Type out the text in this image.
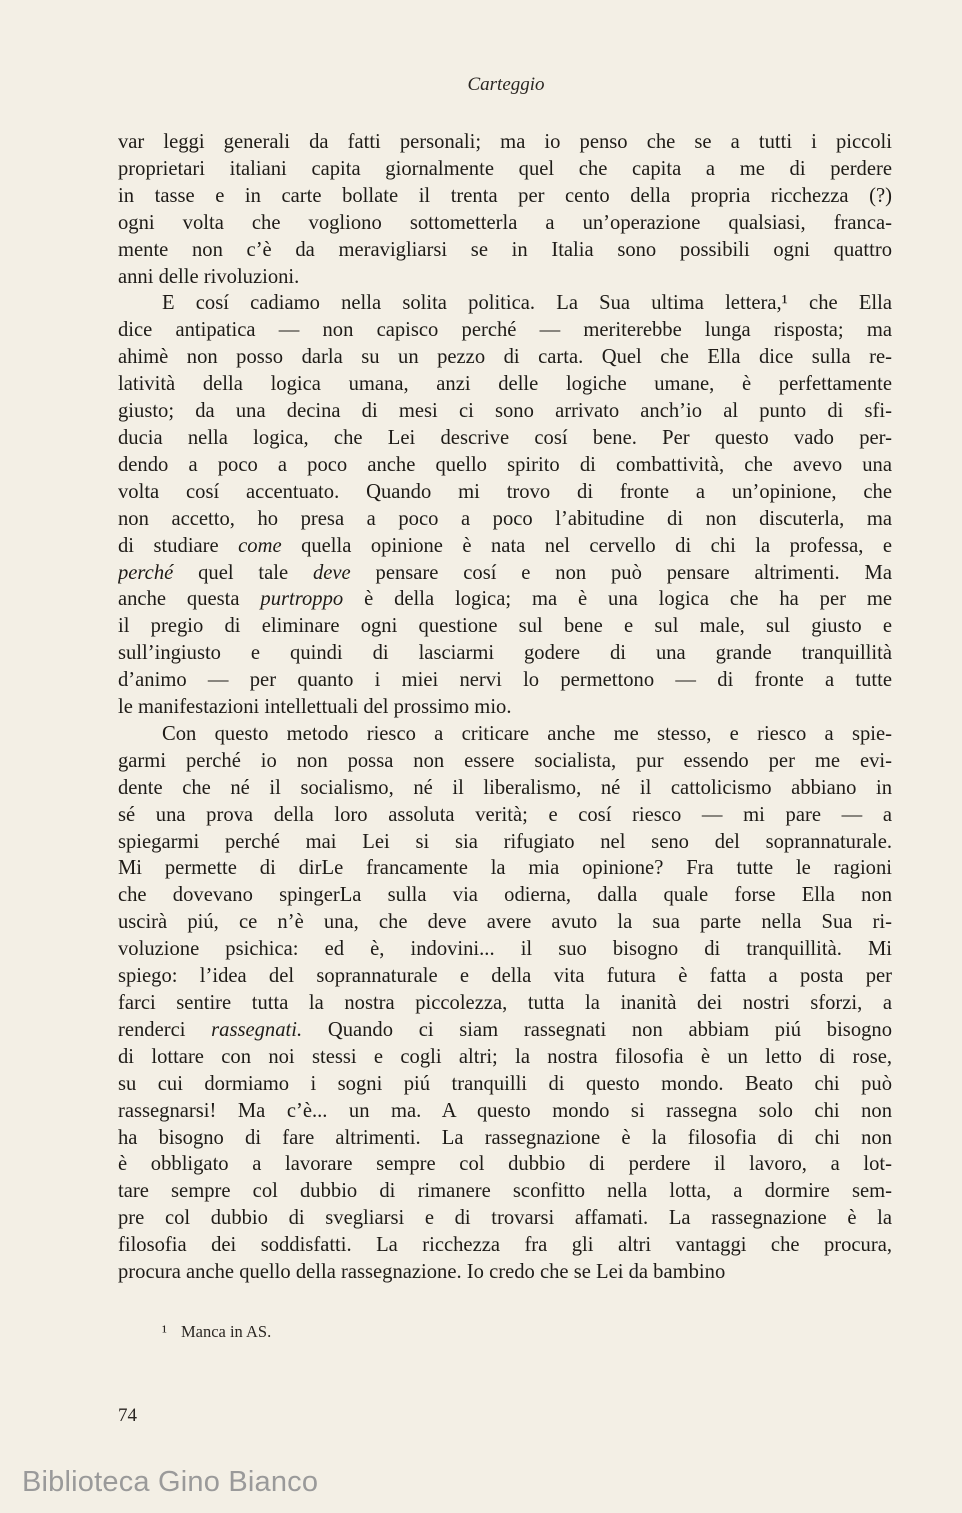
Carteggio
var leggi generali da fatti personali; ma io penso che se a tutti i piccoli
proprietari italiani capita giornalmente quel che capita a me di perdere
in tasse e in carte bollate il trenta per cento della propria ricchezza (?)
ogni volta che vogliono sottometterla a un’operazione qualsiasi, franca-
mente non c’è da meravigliarsi se in Italia sono possibili ogni quattro
anni delle rivoluzioni.
E cosí cadiamo nella solita politica. La Sua ultima lettera,¹ che Ella
dice antipatica — non capisco perché — meriterebbe lunga risposta; ma
ahimè non posso darla su un pezzo di carta. Quel che Ella dice sulla re-
latività della logica umana, anzi delle logiche umane, è perfettamente
giusto; da una decina di mesi ci sono arrivato anch’io al punto di sfi-
ducia nella logica, che Lei descrive cosí bene. Per questo vado per-
dendo a poco a poco anche quello spirito di combattività, che avevo una
volta cosí accentuato. Quando mi trovo di fronte a un’opinione, che
non accetto, ho presa a poco a poco l’abitudine di non discuterla, ma
di studiare come quella opinione è nata nel cervello di chi la professa, e
perché quel tale deve pensare cosí e non può pensare altrimenti. Ma
anche questa purtroppo è della logica; ma è una logica che ha per me
il pregio di eliminare ogni questione sul bene e sul male, sul giusto e
sull’ingiusto e quindi di lasciarmi godere di una grande tranquillità
d’animo — per quanto i miei nervi lo permettono — di fronte a tutte
le manifestazioni intellettuali del prossimo mio.
Con questo metodo riesco a criticare anche me stesso, e riesco a spie-
garmi perché io non possa non essere socialista, pur essendo per me evi-
dente che né il socialismo, né il liberalismo, né il cattolicismo abbiano in
sé una prova della loro assoluta verità; e cosí riesco — mi pare — a
spiegarmi perché mai Lei si sia rifugiato nel seno del soprannaturale.
Mi permette di dirLe francamente la mia opinione? Fra tutte le ragioni
che dovevano spingerLa sulla via odierna, dalla quale forse Ella non
uscirà piú, ce n’è una, che deve avere avuto la sua parte nella Sua ri-
voluzione psichica: ed è, indovini... il suo bisogno di tranquillità. Mi
spiego: l’idea del soprannaturale e della vita futura è fatta a posta per
farci sentire tutta la nostra piccolezza, tutta la inanità dei nostri sforzi, a
renderci rassegnati. Quando ci siam rassegnati non abbiam piú bisogno
di lottare con noi stessi e cogli altri; la nostra filosofia è un letto di rose,
su cui dormiamo i sogni piú tranquilli di questo mondo. Beato chi può
rassegnarsi! Ma c’è... un ma. A questo mondo si rassegna solo chi non
ha bisogno di fare altrimenti. La rassegnazione è la filosofia di chi non
è obbligato a lavorare sempre col dubbio di perdere il lavoro, a lot-
tare sempre col dubbio di rimanere sconfitto nella lotta, a dormire sem-
pre col dubbio di svegliarsi e di trovarsi affamati. La rassegnazione è la
filosofia dei soddisfatti. La ricchezza fra gli altri vantaggi che procura,
procura anche quello della rassegnazione. Io credo che se Lei da bambino
¹ Manca in AS.
74
Biblioteca Gino Bianco
